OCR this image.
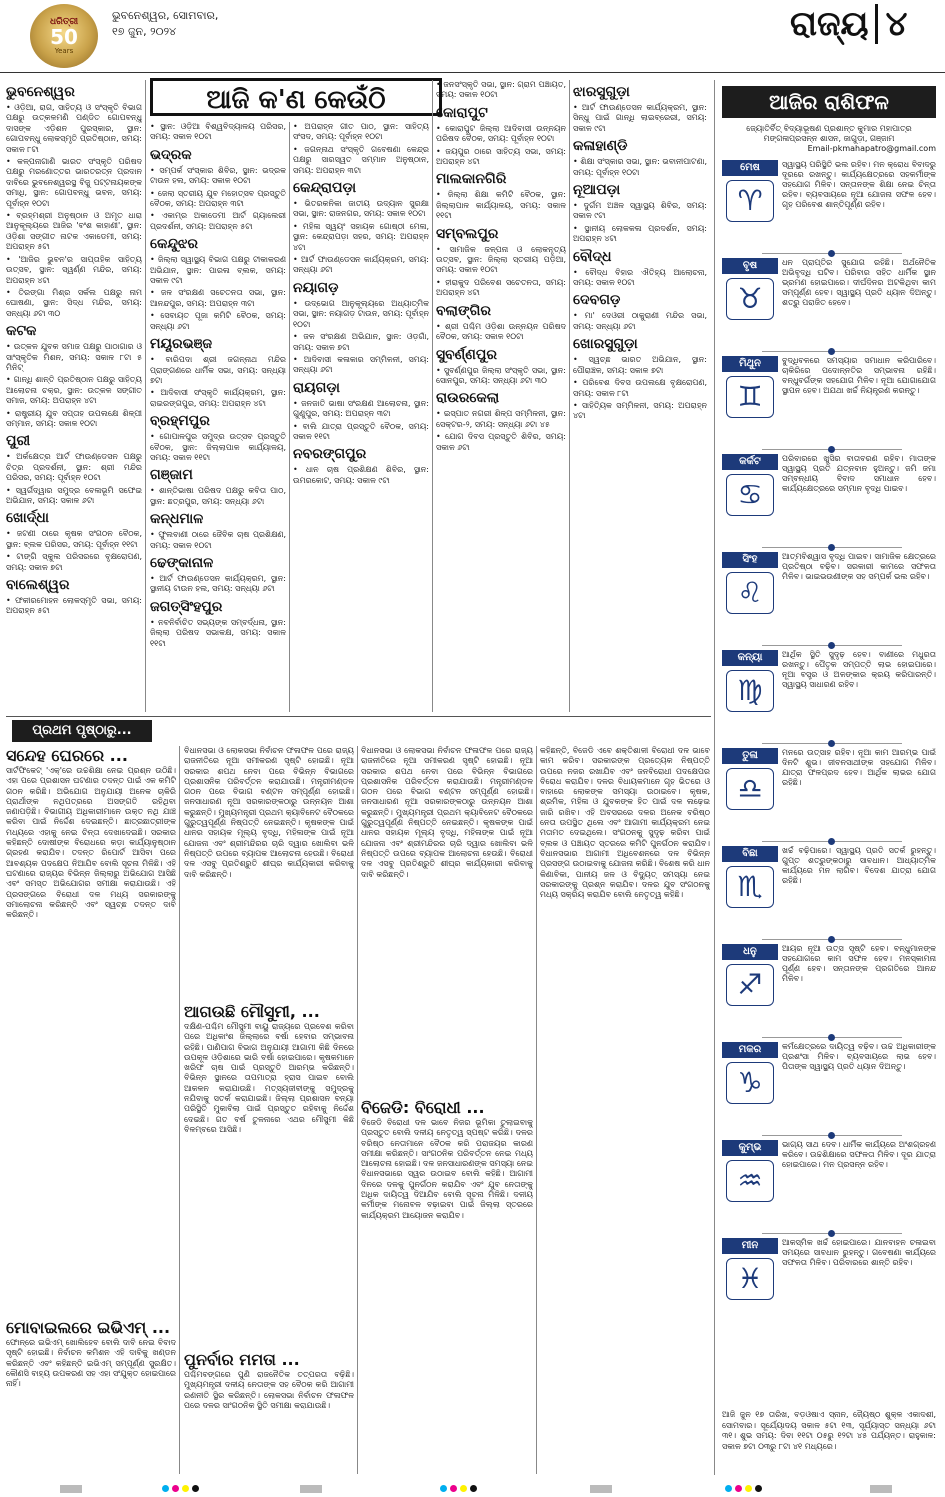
ଧରିତ୍ରୀ
50
Years
ଭୁବନେଶ୍ୱର, ସୋମବାର,
୧୭ ଜୁନ, ୨୦୨୪	ରାଜ୍ୟ ୪
ଆଜି କ'ଣ କେଉଁଠି	ଆଜିର ରାଶିଫଳ
ଭୁବନେଶ୍ୱର

• ଓଡ଼ିଆ, ରାଗ, ସାହିତ୍ୟ ଓ ସଂସ୍କୃତି ବିଭାଗ ପକ୍ଷରୁ ଉତ୍କଳମଣି ପଣ୍ଡିତ ଗୋପବନ୍ଧୁ ଦାସଙ୍କ ଏ‌ଡ଼ିଶନ ପୁରସ୍କାର, ସ୍ଥାନ: ଗୋପବନ୍ଧୁ ଲୋକସ୍ମୃତି ପ୍ରତିଷ୍ଠାନ, ସମୟ: ସକାଳ ୮ଟା

• କଳ୍ପନାଗାଣି ଭାରତ ସଂସ୍କୃତି ପରିଷଦ ପକ୍ଷରୁ ମରଣୋତ୍ତର ଭାରତରତ୍ନ ପ୍ରଦାନ ଦାବିରେ ଭୁବନେଶ୍ୱରସ୍ଥ ବିଜୁ ପଟ୍ଟନାୟକଙ୍କ ସମାଧି, ସ୍ଥାନ: ଗୋପବନ୍ଧୁ ଭବନ, ସମୟ: ପୂର୍ବାହ୍ନ ୧୦ଟା

• ବ୍ରହ୍ମଶ୍ରୀ ଅନୁଷ୍ଠାନ ଓ ଅମୃତ ଧାରା ଆନୁକୂଲ୍ୟରେ ଆଜିର 'ବଂଶ କାହାଣୀ', ସ୍ଥାନ: ଓଡ଼ିଶା ସଙ୍ଗୀତ ନାଟକ ଏକାଡେମୀ, ସମୟ: ଅପରାହ୍ନ ୫ଟା

• 'ଆଜିର ଭୁବନ'ର ସାପ୍ତାହିକ ସାହିତ୍ୟ ଉତ୍ସବ, ସ୍ଥାନ: ସ୍ୱର୍ଣ୍ଣ ମନ୍ଦିର, ସମୟ: ଅପରାହ୍ନ ୪ଟା

• ତିରଙ୍ଗା ମିଶ୍ର ସର୍କଲ ପକ୍ଷରୁ ନାମ ଘୋଷଣା, ସ୍ଥାନ: ସିଦ୍ଧ ମନ୍ଦିର, ସମୟ: ସନ୍ଧ୍ୟା ୬ଟା ୩୦

କଟକ

• ଉତ୍କଳ ଯୁବକ ସମାଜ ପକ୍ଷରୁ ପାଠାଗାର ଓ ସାଂସ୍କୃତିକ ମିଶନ, ସମୟ: ସକାଳ ୮ଟା ୫ ମିନିଟ୍

• ଗାନ୍ଧି ଶାନ୍ତି ପ୍ରତିଷ୍ଠାନ ପକ୍ଷରୁ ସାହିତ୍ୟ ଆଲୋଚନା ଚକ୍ର, ସ୍ଥାନ: ଉତ୍କଳ ସଙ୍ଗୀତ ସମାଜ, ସମୟ: ଅପରାହ୍ନ ୪ଟା

• ରାଷ୍ଟ୍ରୀୟ ଯୁବ ସପ୍ତାହ ଉପଲକ୍ଷେ ଶିଳ୍ପୀ ସମ୍ମାନ, ସମୟ: ସକାଳ ୧୦ଟା

ପୁରୀ

• ଅର୍କକ୍ଷେତ୍ର ଆର୍ଟ ଫାଉଣ୍ଡେସନ ପକ୍ଷରୁ ଚିତ୍ର ପ୍ରଦର୍ଶନୀ, ସ୍ଥାନ: ଶ୍ରୀ ମନ୍ଦିର ପରିସର, ସମୟ: ପୂର୍ବାହ୍ନ ୧୦ଟା

• ସ୍ୱର୍ଗଦ୍ୱାର ସମୁଦ୍ର ବେଳାଭୂମି ସଫେଇ ଅଭିଯାନ, ସମୟ: ସକାଳ ୬ଟା

ଖୋର୍ଦ୍ଧା

• ଜଟଣୀ ଠାରେ କୃଷକ ସଂଗଠନ ବୈଠକ, ସ୍ଥାନ: ବ୍ଲକ ପରିସର, ସମୟ: ପୂର୍ବାହ୍ନ ୧୧ଟା

• ଟାଙ୍ଗି ସ୍କୁଲ ପରିସରରେ ବୃକ୍ଷରୋପଣ, ସମୟ: ସକାଳ ୭ଟା

ବାଲେଶ୍ୱର

• ଫକୀରମୋହନ ଲୋକସ୍ମୃତି ସଭା, ସମୟ: ଅପରାହ୍ନ ୫ଟା

• ସ୍ଥାନ: ଓଡ଼ିଆ ବିଶ୍ୱବିଦ୍ୟାଳୟ ପରିସର, ସମୟ: ସକାଳ ୧୦ଟା

ଭଦ୍ରକ

• ସମ୍ପର୍କ ସଂସ୍କାର ଶିବିର, ସ୍ଥାନ: ଭଦ୍ରକ ଟାଉନ ହଲ, ସମୟ: ସକାଳ ୧୦ଟା

• ଜେଲା ସ୍ତରୀୟ ଯୁବ ମହୋତ୍ସବ ପ୍ରସ୍ତୁତି ବୈଠକ, ସମୟ: ଅପରାହ୍ନ ୩ଟା

• ଏକାମ୍ର ଅକାଡେମୀ ଆର୍ଟ ଗ୍ୟାଲେରୀ ପ୍ରଦର୍ଶନୀ, ସମୟ: ଅପରାହ୍ନ ୫ଟା

କେନ୍ଦୁଝର

• ଜିଲ୍ଲା ସ୍ୱାସ୍ଥ୍ୟ ବିଭାଗ ପକ୍ଷରୁ ଟୀକାକରଣ ଅଭିଯାନ, ସ୍ଥାନ: ପାରଳା ବ୍ଲକ, ସମୟ: ସକାଳ ୯ଟା

• ଜଳ ସଂରକ୍ଷଣ ସଚେତନତା ସଭା, ସ୍ଥାନ: ଆନନ୍ଦପୁର, ସମୟ: ଅପରାହ୍ନ ୩ଟା

• ସେବାୟତ ପୂଜା କମିଟି ବୈଠକ, ସମୟ: ସନ୍ଧ୍ୟା ୬ଟା

ମୟୂରଭଞ୍ଜ

• ବାରିପଦା ଶ୍ରୀ ଜଗନ୍ନାଥ ମନ୍ଦିର ପ୍ରାଙ୍ଗଣରେ ଧାର୍ମିକ ସଭା, ସମୟ: ସନ୍ଧ୍ୟା ୭ଟା

• ଆଦିବାସୀ ସଂସ୍କୃତି କାର୍ଯ୍ୟକ୍ରମ, ସ୍ଥାନ: ରାଇରଙ୍ଗପୁର, ସମୟ: ଅପରାହ୍ନ ୪ଟା

ବ୍ରହ୍ମପୁର

• ଗୋପାଳପୁର ସମୁଦ୍ର ଉତ୍ସବ ପ୍ରସ୍ତୁତି ବୈଠକ, ସ୍ଥାନ: ଜିଲ୍ଲାପାଳ କାର୍ଯ୍ୟାଳୟ, ସମୟ: ସକାଳ ୧୧ଟା

ଗଞ୍ଜାମ

• ଶାନ୍ତିଭାଷା ପରିଷଦ ପକ୍ଷରୁ କବିତା ପାଠ, ସ୍ଥାନ: ଛତ୍ରପୁର, ସମୟ: ସନ୍ଧ୍ୟା ୬ଟା

କନ୍ଧମାଳ

• ଫୁଲବାଣୀ ଠାରେ ଜୈବିକ ଚାଷ ପ୍ରଶିକ୍ଷଣ, ସମୟ: ସକାଳ ୧୦ଟା

ଢେଙ୍କାନାଳ

• ଆର୍ଟ ଫାଉଣ୍ଡେସନ କାର୍ଯ୍ୟକ୍ରମ, ସ୍ଥାନ: ସ୍ଥାନୀୟ ଟାଉନ ହଲ, ସମୟ: ସନ୍ଧ୍ୟା ୬ଟା

ଜଗତ୍‌ସିଂହପୁର

• ନବନିର୍ବାଚିତ ସଭ୍ୟଙ୍କ ସମ୍ବର୍ଦ୍ଧନା, ସ୍ଥାନ: ଜିଲ୍ଲା ପରିଷଦ ସଭାକକ୍ଷ, ସମୟ: ସକାଳ ୧୧ଟା

• ଅପରାହ୍ନ ଗୀତ ପାଠ, ସ୍ଥାନ: ସାହିତ୍ୟ ସଂସଦ, ସମୟ: ପୂର୍ବାହ୍ନ ୧୦ଟା

• ଜଗନ୍ନାଥ ସଂସ୍କୃତି ଗବେଷଣା କେନ୍ଦ୍ର ପକ୍ଷରୁ ସାରସ୍ୱତ ସମ୍ମାନ ଅନୁଷ୍ଠାନ, ସମୟ: ଅପରାହ୍ନ ୩ଟା

କେନ୍ଦ୍ରାପଡ଼ା

• ଭିତରକନିକା ଜାତୀୟ ଉଦ୍ୟାନ ସୁରକ୍ଷା ସଭା, ସ୍ଥାନ: ରାଜନଗର, ସମୟ: ସକାଳ ୧୦ଟା

• ମହିଳା ସ୍ୱୟଂ ସହାୟକ ଗୋଷ୍ଠୀ ମେଳା, ସ୍ଥାନ: କେନ୍ଦ୍ରାପଡ଼ା ସହର, ସମୟ: ଅପରାହ୍ନ ୪ଟା

• ଆର୍ଟ ଫାଉଣ୍ଡେସନ କାର୍ଯ୍ୟକ୍ରମ, ସମୟ: ସନ୍ଧ୍ୟା ୬ଟା

ନୟାଗଡ଼

• ଉଦ୍ଭୋଗ ଆନୁକୂଲ୍ୟରେ ଅଧ୍ୟାତ୍ମିକ ସଭା, ସ୍ଥାନ: ନୟାଗଡ଼ ଟାଉନ, ସମୟ: ପୂର୍ବାହ୍ନ ୧୦ଟା

• ଜଳ ସଂରକ୍ଷଣ ଅଭିଯାନ, ସ୍ଥାନ: ଓଡ଼ଗାଁ, ସମୟ: ସକାଳ ୭ଟା

• ଆଦିବାସୀ କଳାକାର ସମ୍ମିଳନୀ, ସମୟ: ସନ୍ଧ୍ୟା ୬ଟା

ରାୟଗଡ଼ା

• ଜନଜାତି ଭାଷା ସଂରକ୍ଷଣ ଆଲୋଚନା, ସ୍ଥାନ: ଗୁଣୁପୁର, ସମୟ: ଅପରାହ୍ନ ୩ଟା

• ବାଲି ଯାତ୍ରା ପ୍ରସ୍ତୁତି ବୈଠକ, ସମୟ: ସକାଳ ୧୧ଟା

ନବରଙ୍ଗପୁର

• ଧାନ ଚାଷ ପ୍ରଶିକ୍ଷଣ ଶିବିର, ସ୍ଥାନ: ଉମରକୋଟ, ସମୟ: ସକାଳ ୯ଟା

• ଜନସଂସ୍କୃତି ସଭା, ସ୍ଥାନ: ଗ୍ରାମ ପଞ୍ଚାୟତ, ସମୟ: ସକାଳ ୧୦ଟା

କୋରାପୁଟ

• କୋରାପୁଟ ଜିଲ୍ଲା ଆଦିବାସୀ ଉନ୍ନୟନ ପରିଷଦ ବୈଠକ, ସମୟ: ପୂର୍ବାହ୍ନ ୧୦ଟା

• ଜୟପୁର ଠାରେ ସାହିତ୍ୟ ସଭା, ସମୟ: ଅପରାହ୍ନ ୪ଟା

ମାଲକାନଗିରି

• ଜିଲ୍ଲା ଶିକ୍ଷା କମିଟି ବୈଠକ, ସ୍ଥାନ: ଜିଲ୍ଲାପାଳ କାର୍ଯ୍ୟାଳୟ, ସମୟ: ସକାଳ ୧୧ଟା

ସମ୍ବଲପୁର

• ସାମାଜିକ ଜଳ୍ପନା ଓ ଲୋକନୃତ୍ୟ ଉତ୍ସବ, ସ୍ଥାନ: ଜିଲ୍ଲା ସ୍ତରୀୟ ପଡ଼ିଆ, ସମୟ: ସକାଳ ୧୦ଟା

• ହୀରାକୁଦ ପରିବେଶ ସଚେତନତା, ସମୟ: ଅପରାହ୍ନ ୪ଟା

ବଲାଙ୍ଗିର

• ଶ୍ରୀ ପଶ୍ଚିମ ଓଡ଼ିଶା ଉନ୍ନୟନ ପରିଷଦ ବୈଠକ, ସମୟ: ସକାଳ ୧୦ଟା

ସୁବର୍ଣ୍ଣପୁର

• ସୁବର୍ଣ୍ଣପୁର ଜିଲ୍ଲା ସଂସ୍କୃତି ସଭା, ସ୍ଥାନ: ସୋନପୁର, ସମୟ: ସନ୍ଧ୍ୟା ୬ଟା ୩୦

ରାଉରକେଲା

• ଇସ୍ପାତ ନଗରୀ ଶିଳ୍ପ ସମ୍ମିଳନୀ, ସ୍ଥାନ: ସେକ୍ଟର-୨, ସମୟ: ସନ୍ଧ୍ୟା ୬ଟା ୪୫

• ଯୋଗ ଦିବସ ପ୍ରସ୍ତୁତି ଶିବିର, ସମୟ: ସକାଳ ୬ଟା

ଝାରସୁଗୁଡ଼ା

• ଆର୍ଟ ଫାଉଣ୍ଡେସନ କାର୍ଯ୍ୟକ୍ରମ, ସ୍ଥାନ: ସିନ୍ଧୁ ପାଇଁ ଗାନ୍ଧି ଲାଇବ୍ରେରୀ, ସମୟ: ସକାଳ ୯ଟା

କଳାହାଣ୍ଡି

• ଶିକ୍ଷା ସଂସ୍କାର ସଭା, ସ୍ଥାନ: ଭବାନୀପାଟଣା, ସମୟ: ପୂର୍ବାହ୍ନ ୧୦ଟା

ନୂଆପଡ଼ା

• ଦୁର୍ଗମ ଅଞ୍ଚଳ ସ୍ୱାସ୍ଥ୍ୟ ଶିବିର, ସମୟ: ସକାଳ ୯ଟା

• ସ୍ଥାନୀୟ ଲୋକକଳା ପ୍ରଦର୍ଶନ, ସମୟ: ଅପରାହ୍ନ ୪ଟା

ବୌଦ୍ଧ

• ବୌଦ୍ଧ ବିହାର ଐତିହ୍ୟ ଆଲୋଚନା, ସମୟ: ସକାଳ ୧୦ଟା

ଦେବଗଡ଼

• ମା' ଦେଓରୀ ଠାକୁରାଣୀ ମନ୍ଦିର ସଭା, ସମୟ: ସନ୍ଧ୍ୟା ୬ଟା

ଖୋରସୁଗୁଡ଼ା

• ସ୍ୱଚ୍ଛ ଭାରତ ଅଭିଯାନ, ସ୍ଥାନ: ପୌରାଞ୍ଚଳ, ସମୟ: ସକାଳ ୭ଟା

• ପରିବେଶ ଦିବସ ଉପଲକ୍ଷେ ବୃକ୍ଷରୋପଣ, ସମୟ: ସକାଳ ୮ଟା

• ସାହିତ୍ୟିକ ସମ୍ମିଳନୀ, ସମୟ: ଅପରାହ୍ନ ୪ଟା

ଜ୍ୟୋତିର୍ବିତ୍ ବିଦ୍ୟାଭୂଷଣ ପ୍ରଶାନ୍ତ କୁମାର ମହାପାତ୍ର
ମଙ୍ଗଳାପ୍ରସନ୍ନ ଶାସନ, ଜାଗୁଡ଼ା, ଗଞ୍ଜାମ
Email-pkmahapatro@gmail.com
ମେଷ
♈
ସ୍ୱାସ୍ଥ୍ୟ ପରିସ୍ଥିତି ଭଲ ରହିବ। ମନ କ୍ରୋଧ ବିବାଦରୁ ଦୂରରେ ରଖନ୍ତୁ। କାର୍ଯ୍ୟକ୍ଷେତ୍ରରେ ସହକର୍ମୀଙ୍କ ସହଯୋଗ ମିଳିବ। ସନ୍ତାନଙ୍କ ଶିକ୍ଷା ନେଇ ଚିନ୍ତା ରହିବ। ବ୍ୟବସାୟରେ ନୂଆ ଯୋଜନା ସଫଳ ହେବ। ଗୃହ ପରିବେଶ ଶାନ୍ତିପୂର୍ଣ୍ଣ ରହିବ।
ବୃଷ
♉
ଧନ ପ୍ରାପ୍ତିର ସୁଯୋଗ ରହିଛି। ଅର୍ଥନୈତିକ ଅଭିବୃଦ୍ଧି ଘଟିବ। ପରିବାର ସହିତ ଧାର୍ମିକ ସ୍ଥାନ ଭ୍ରମଣ ହୋଇପାରେ। ଦୀର୍ଘଦିନର ଅଟକିଥିବା କାମ ସମ୍ପୂର୍ଣ୍ଣ ହେବ। ସ୍ୱାସ୍ଥ୍ୟ ପ୍ରତି ଧ୍ୟାନ ଦିଅନ୍ତୁ। ଶତ୍ରୁ ପରାଜିତ ହେବେ।
ମିଥୁନ
♊
ବୁଦ୍ଧିବଳରେ ସମସ୍ୟାର ସମାଧାନ କରିପାରିବେ। ଚାକିରିରେ ପଦୋନ୍ନତିର ସମ୍ଭାବନା ରହିଛି। ବନ୍ଧୁବର୍ଗଙ୍କ ସହଯୋଗ ମିଳିବ। ନୂଆ ଯୋଗାଯୋଗ ସ୍ଥାପନ ହେବ। ଅଯଥା ଖର୍ଚ୍ଚ ନିୟନ୍ତ୍ରଣ କରନ୍ତୁ।
କର୍କଟ
♋
ପରିବାରରେ ଖୁସିର ବାତାବରଣ ରହିବ। ମାତାଙ୍କ ସ୍ୱାସ୍ଥ୍ୟ ପ୍ରତି ଯତ୍ନବାନ ହୁଅନ୍ତୁ। ଜମି ଜମା ସମ୍ବନ୍ଧୀୟ ବିବାଦ ସମାଧାନ ହେବ। କାର୍ଯ୍ୟକ୍ଷେତ୍ରରେ ସମ୍ମାନ ବୃଦ୍ଧି ପାଇବ।
ସିଂହ
♌
ଆତ୍ମବିଶ୍ୱାସ ବୃଦ୍ଧି ପାଇବ। ସାମାଜିକ କ୍ଷେତ୍ରରେ ପ୍ରତିଷ୍ଠା ବଢ଼ିବ। ସରକାରୀ କାମରେ ସଫଳତା ମିଳିବ। ଭାଇଭଉଣୀଙ୍କ ସହ ସମ୍ପର୍କ ଭଲ ରହିବ।
କନ୍ୟା
♍
ଆର୍ଥିକ ସ୍ଥିତି ସୁଦୃଢ଼ ହେବ। ବାଣୀରେ ମଧୁରତା ରଖନ୍ତୁ। ପୈତୃକ ସମ୍ପତ୍ତି ଲାଭ ହୋଇପାରେ। ନୂଆ ବସ୍ତ୍ର ଓ ଅଳଙ୍କାର କ୍ରୟ କରିପାରନ୍ତି। ସ୍ୱାସ୍ଥ୍ୟ ସାଧାରଣ ରହିବ।
ତୁଳା
♎
ମନରେ ଉତ୍ସାହ ରହିବ। ନୂଆ କାମ ଆରମ୍ଭ ପାଇଁ ଦିନଟି ଶୁଭ। ଜୀବନସାଥୀଙ୍କ ସହଯୋଗ ମିଳିବ। ଯାତ୍ରା ଫଳପ୍ରଦ ହେବ। ଆର୍ଥିକ ଲାଭର ଯୋଗ ରହିଛି।
ବିଛା
♏
ଖର୍ଚ୍ଚ ବଢ଼ିପାରେ। ସ୍ୱାସ୍ଥ୍ୟ ପ୍ରତି ସତର୍କ ରୁହନ୍ତୁ। ଗୁପ୍ତ ଶତ୍ରୁଙ୍କଠାରୁ ସାବଧାନ। ଆଧ୍ୟାତ୍ମିକ କାର୍ଯ୍ୟରେ ମନ ଲାଗିବ। ବିଦେଶ ଯାତ୍ରା ଯୋଗ ରହିଛି।
ଧନୁ
♐
ଆୟର ନୂଆ ଉତ୍ସ ସୃଷ୍ଟି ହେବ। ବନ୍ଧୁମାନଙ୍କ ସହଯୋଗରେ କାମ ସଫଳ ହେବ। ମନସ୍କାମନା ପୂର୍ଣ୍ଣ ହେବ। ସନ୍ତାନଙ୍କ ପ୍ରଗତିରେ ଆନନ୍ଦ ମିଳିବ।
ମକର
♑
କର୍ମକ୍ଷେତ୍ରରେ ଦାୟିତ୍ୱ ବଢ଼ିବ। ଉଚ୍ଚ ଅଧିକାରୀଙ୍କ ପ୍ରଶଂସା ମିଳିବ। ବ୍ୟବସାୟରେ ଲାଭ ହେବ। ପିତାଙ୍କ ସ୍ୱାସ୍ଥ୍ୟ ପ୍ରତି ଧ୍ୟାନ ଦିଅନ୍ତୁ।
କୁମ୍ଭ
♒
ଭାଗ୍ୟ ସାଥ ଦେବ। ଧାର୍ମିକ କାର୍ଯ୍ୟରେ ଅଂଶଗ୍ରହଣ କରିବେ। ଉଚ୍ଚଶିକ୍ଷାରେ ସଫଳତା ମିଳିବ। ଦୂର ଯାତ୍ରା ହୋଇପାରେ। ମନ ପ୍ରସନ୍ନ ରହିବ।
ମୀନ
♓
ଆକସ୍ମିକ ଖର୍ଚ୍ଚ ହୋଇପାରେ। ଯାନବାହନ ଚଳାଇବା ସମୟରେ ସାବଧାନ ରୁହନ୍ତୁ। ଗବେଷଣା କାର୍ଯ୍ୟରେ ସଫଳତା ମିଳିବ। ପରିବାରରେ ଶାନ୍ତି ରହିବ।
ଆଜି ଜୁନ ୧୭ ତାରିଖ, ବଡ଼ଓଷାଏ ସ୍ନାନ, ଜ୍ୟୈଷ୍ଠ ଶୁକ୍ଳ ଏକାଦଶୀ, ସୋମବାର। ସୂର୍ଯ୍ୟୋଦୟ ସକାଳ ୫ଟା ୧୩, ସୂର୍ଯ୍ୟାସ୍ତ ସନ୍ଧ୍ୟା ୬ଟା ୩୧। ଶୁଭ ସମୟ: ଦିବା ୧୧ଟା ୦୫ରୁ ୧୨ଟା ୪୫ ପର୍ଯ୍ୟନ୍ତ। ରାହୁକାଳ: ସକାଳ ୭ଟା ୦୩ରୁ ୮ଟା ୪୧ ମଧ୍ୟରେ।
ପ୍ରଥମ ପୃଷ୍ଠାରୁ...
ସନ୍ଦେହ ଘେରରେ ...
ସାର୍ଟଫିକେଟ୍ 'ଏକ୍‌'ରେ ଉଚ୍ଚଶିକ୍ଷା ନେଇ ପ୍ରଶ୍ନ ଉଠିଛି। ଏହା ପରେ ପ୍ରଶାସନ ଘଟଣାର ତଦନ୍ତ ପାଇଁ ଏକ କମିଟି ଗଠନ କରିଛି। ଅଭିଯୋଗ ଅନୁଯାୟୀ ଅନେକ ଚାକିରି ପ୍ରାର୍ଥୀଙ୍କ ନଥିପତ୍ରରେ ଅସଙ୍ଗତି ରହିଥିବା ଜଣାପଡ଼ିଛି। ବିଭାଗୀୟ ଅଧିକାରୀମାନେ ଉକ୍ତ ନଥି ଯାଞ୍ଚ କରିବା ପାଇଁ ନିର୍ଦ୍ଦେଶ ଦେଇଛନ୍ତି। ଛାତ୍ରଛାତ୍ରୀଙ୍କ ମଧ୍ୟରେ ଏହାକୁ ନେଇ ଚିନ୍ତା ଦେଖାଦେଇଛି। ସରକାର କହିଛନ୍ତି ଦୋଷୀଙ୍କ ବିରୋଧରେ କଡ଼ା କାର୍ଯ୍ୟାନୁଷ୍ଠାନ ଗ୍ରହଣ କରାଯିବ। ତଦନ୍ତ ରିପୋର୍ଟ ଆସିବା ପରେ ଆବଶ୍ୟକ ପଦକ୍ଷେପ ନିଆଯିବ ବୋଲି ସୂଚନା ମିଳିଛି। ଏହି ଘଟଣାରେ ରାଜ୍ୟର ବିଭିନ୍ନ ଜିଲ୍ଲାରୁ ଅଭିଯୋଗ ଆସିଛି ଏବଂ ସମସ୍ତ ଅଭିଯୋଗର ସମୀକ୍ଷା କରାଯାଉଛି। ଏହି ପ୍ରସଙ୍ଗରେ ବିରୋଧୀ ଦଳ ମଧ୍ୟ ସରକାରଙ୍କୁ ସମାଲୋଚନା କରିଛନ୍ତି ଏବଂ ସ୍ୱଚ୍ଛ ତଦନ୍ତ ଦାବି କରିଛନ୍ତି।
ମୋବାଇଲରେ ଇଭିଏମ୍ ...
ଫୋନ୍‌ରେ ଇଭିଏମ୍ ଖୋଲିହେବ ବୋଲି ଦାବି ନେଇ ବିବାଦ ସୃଷ୍ଟି ହୋଇଛି। ନିର୍ବାଚନ କମିଶନ ଏହି ଦାବିକୁ ଖଣ୍ଡନ କରିଛନ୍ତି ଏବଂ କହିଛନ୍ତି ଇଭିଏମ୍ ସମ୍ପୂର୍ଣ୍ଣ ସୁରକ୍ଷିତ। କୌଣସି ବାହ୍ୟ ଉପକରଣ ସହ ଏହା ସଂଯୁକ୍ତ ହୋଇପାରେ ନାହିଁ।
ବିଧାନସଭା ଓ ଲୋକସଭା ନିର୍ବାଚନ ଫଳାଫଳ ପରେ ରାଜ୍ୟ ରାଜନୀତିରେ ନୂଆ ସମୀକରଣ ସୃଷ୍ଟି ହୋଇଛି। ନୂଆ ସରକାର ଶପଥ ନେବା ପରେ ବିଭିନ୍ନ ବିଭାଗରେ ପ୍ରଶାସନିକ ପରିବର୍ତ୍ତନ କରାଯାଉଛି। ମନ୍ତ୍ରୀମଣ୍ଡଳ ଗଠନ ପରେ ବିଭାଗ ବଣ୍ଟନ ସମ୍ପୂର୍ଣ୍ଣ ହୋଇଛି। ଜନସାଧାରଣ ନୂଆ ସରକାରଙ୍କଠାରୁ ଉନ୍ନୟନ ଆଶା କରୁଛନ୍ତି। ମୁଖ୍ୟମନ୍ତ୍ରୀ ପ୍ରଥମ କ୍ୟାବିନେଟ ବୈଠକରେ ଗୁରୁତ୍ୱପୂର୍ଣ୍ଣ ନିଷ୍ପତ୍ତି ନେଇଛନ୍ତି। କୃଷକଙ୍କ ପାଇଁ ଧାନର ସହାୟକ ମୂଲ୍ୟ ବୃଦ୍ଧି, ମହିଳାଙ୍କ ପାଇଁ ନୂଆ ଯୋଜନା ଏବଂ ଶ୍ରୀମନ୍ଦିରର ଚାରି ଦ୍ୱାର ଖୋଲିବା ଭଳି ନିଷ୍ପତ୍ତି ଉପରେ ବ୍ୟାପକ ଆଲୋଚନା ହେଉଛି। ବିରୋଧୀ ଦଳ ଏସବୁ ପ୍ରତିଶ୍ରୁତି ଶୀଘ୍ର କାର୍ଯ୍ୟକାରୀ କରିବାକୁ ଦାବି କରିଛନ୍ତି।
ଆଗଉଛି ମୌସୁମୀ, ...
ଦକ୍ଷିଣ-ପଶ୍ଚିମ ମୌସୁମୀ ବାୟୁ ରାଜ୍ୟରେ ପ୍ରବେଶ କରିବା ପରେ ଅଧିକାଂଶ ଜିଲ୍ଲାରେ ବର୍ଷା ହେବାର ସମ୍ଭାବନା ରହିଛି। ପାଣିପାଗ ବିଭାଗ ଅନୁଯାୟୀ ଆଗାମୀ କିଛି ଦିନରେ ଉପକୂଳ ଓଡ଼ିଶାରେ ଭାରି ବର୍ଷା ହୋଇପାରେ। କୃଷକମାନେ ଖରିଫ ଚାଷ ପାଇଁ ପ୍ରସ୍ତୁତି ଆରମ୍ଭ କରିଛନ୍ତି। ବିଭିନ୍ନ ସ୍ଥାନରେ ତାପମାତ୍ରା ହ୍ରାସ ପାଇବ ବୋଲି ଆକଳନ କରାଯାଉଛି। ମତ୍ସ୍ୟଜୀବୀଙ୍କୁ ସମୁଦ୍ରକୁ ନଯିବାକୁ ସତର୍କ କରାଯାଇଛି। ଜିଲ୍ଲା ପ୍ରଶାସନ ବନ୍ୟା ପରିସ୍ଥିତି ମୁକାବିଲା ପାଇଁ ପ୍ରସ୍ତୁତ ରହିବାକୁ ନିର୍ଦ୍ଦେଶ ଦେଇଛି। ଗତ ବର୍ଷ ତୁଳନାରେ ଏଥର ମୌସୁମୀ କିଛି ବିଳମ୍ବରେ ଆସିଛି।
ପୁନର୍ବାର ମମତା ...
ପଶ୍ଚିମବଙ୍ଗରେ ପୁଣି ରାଜନୈତିକ ତତ୍ପରତା ବଢ଼ିଛି। ମୁଖ୍ୟମନ୍ତ୍ରୀ ଦଳୀୟ ନେତାଙ୍କ ସହ ବୈଠକ କରି ଆଗାମୀ ରଣନୀତି ସ୍ଥିର କରିଛନ୍ତି। ଲୋକସଭା ନିର୍ବାଚନ ଫଳାଫଳ ପରେ ଦଳର ସାଂଗଠନିକ ସ୍ଥିତି ସମୀକ୍ଷା କରାଯାଉଛି।
ବିଧାନସଭା ଓ ଲୋକସଭା ନିର୍ବାଚନ ଫଳାଫଳ ପରେ ରାଜ୍ୟ ରାଜନୀତିରେ ନୂଆ ସମୀକରଣ ସୃଷ୍ଟି ହୋଇଛି। ନୂଆ ସରକାର ଶପଥ ନେବା ପରେ ବିଭିନ୍ନ ବିଭାଗରେ ପ୍ରଶାସନିକ ପରିବର୍ତ୍ତନ କରାଯାଉଛି। ମନ୍ତ୍ରୀମଣ୍ଡଳ ଗଠନ ପରେ ବିଭାଗ ବଣ୍ଟନ ସମ୍ପୂର୍ଣ୍ଣ ହୋଇଛି। ଜନସାଧାରଣ ନୂଆ ସରକାରଙ୍କଠାରୁ ଉନ୍ନୟନ ଆଶା କରୁଛନ୍ତି। ମୁଖ୍ୟମନ୍ତ୍ରୀ ପ୍ରଥମ କ୍ୟାବିନେଟ ବୈଠକରେ ଗୁରୁତ୍ୱପୂର୍ଣ୍ଣ ନିଷ୍ପତ୍ତି ନେଇଛନ୍ତି। କୃଷକଙ୍କ ପାଇଁ ଧାନର ସହାୟକ ମୂଲ୍ୟ ବୃଦ୍ଧି, ମହିଳାଙ୍କ ପାଇଁ ନୂଆ ଯୋଜନା ଏବଂ ଶ୍ରୀମନ୍ଦିରର ଚାରି ଦ୍ୱାର ଖୋଲିବା ଭଳି ନିଷ୍ପତ୍ତି ଉପରେ ବ୍ୟାପକ ଆଲୋଚନା ହେଉଛି। ବିରୋଧୀ ଦଳ ଏସବୁ ପ୍ରତିଶ୍ରୁତି ଶୀଘ୍ର କାର୍ଯ୍ୟକାରୀ କରିବାକୁ ଦାବି କରିଛନ୍ତି।
ବିଜେଡି: ବିରୋଧୀ ...
ବିଜେଡି ବିରୋଧୀ ଦଳ ଭାବେ ନିଜର ଭୂମିକା ତୁଲାଇବାକୁ ପ୍ରସ୍ତୁତ ବୋଲି ଦଳୀୟ ନେତୃତ୍ୱ ସ୍ପଷ୍ଟ କରିଛି। ଦଳର ବରିଷ୍ଠ ନେତାମାନେ ବୈଠକ କରି ପରାଜୟର କାରଣ ସମୀକ୍ଷା କରିଛନ୍ତି। ସାଂଗଠନିକ ପରିବର୍ତ୍ତନ ନେଇ ମଧ୍ୟ ଆଲୋଚନା ହୋଇଛି। ଦଳ ଜନସାଧାରଣଙ୍କ ସମସ୍ୟା ନେଇ ବିଧାନସଭାରେ ସ୍ୱର ଉଠାଇବ ବୋଲି କହିଛି। ଆଗାମୀ ଦିନରେ ଦଳକୁ ପୁନର୍ଗଠନ କରାଯିବ ଏବଂ ଯୁବ ନେତାଙ୍କୁ ଅଧିକ ଦାୟିତ୍ୱ ଦିଆଯିବ ବୋଲି ସୂଚନା ମିଳିଛି। ଦଳୀୟ କର୍ମୀଙ୍କ ମନୋବଳ ବଢ଼ାଇବା ପାଇଁ ଜିଲ୍ଲା ସ୍ତରରେ କାର୍ଯ୍ୟକ୍ରମ ଆୟୋଜନ କରାଯିବ।
କହିଛନ୍ତି, ବିଜେଡି ଏବେ ଶକ୍ତିଶାଳୀ ବିରୋଧୀ ଦଳ ଭାବେ କାମ କରିବ। ସରକାରଙ୍କ ପ୍ରତ୍ୟେକ ନିଷ୍ପତ୍ତି ଉପରେ ନଜର ରଖାଯିବ ଏବଂ ଜନବିରୋଧୀ ପଦକ୍ଷେପର ବିରୋଧ କରାଯିବ। ଦଳର ବିଧାୟକମାନେ ଗୃହ ଭିତରେ ଓ ବାହାରେ ଲୋକଙ୍କ ସମସ୍ୟା ଉଠାଇବେ। କୃଷକ, ଶ୍ରମିକ, ମହିଳା ଓ ଯୁବକଙ୍କ ହିତ ପାଇଁ ଦଳ ଲଢ଼େଇ ଜାରି ରଖିବ। ଏହି ଅବସରରେ ଦଳର ଅନେକ ବରିଷ୍ଠ ନେତା ଉପସ୍ଥିତ ଥିଲେ ଏବଂ ଆଗାମୀ କାର୍ଯ୍ୟକ୍ରମ ନେଇ ମତାମତ ଦେଇଥିଲେ। ସଂଗଠନକୁ ସୁଦୃଢ଼ କରିବା ପାଇଁ ବ୍ଲକ ଓ ପଞ୍ଚାୟତ ସ୍ତରରେ କମିଟି ପୁନର୍ଗଠନ କରାଯିବ। ବିଧାନସଭାର ଆଗାମୀ ଅଧିବେଶନରେ ଦଳ ବିଭିନ୍ନ ପ୍ରସଙ୍ଗ ଉଠାଇବାକୁ ଯୋଜନା କରିଛି। ବିଶେଷ କରି ଧାନ କିଣାବିକା, ପାନୀୟ ଜଳ ଓ ବିଦ୍ୟୁତ୍ ସମସ୍ୟା ନେଇ ସରକାରଙ୍କୁ ପ୍ରଶ୍ନ କରାଯିବ। ଦଳର ଯୁବ ସଂଗଠନକୁ ମଧ୍ୟ ସକ୍ରିୟ କରାଯିବ ବୋଲି ନେତୃତ୍ୱ କହିଛି।
